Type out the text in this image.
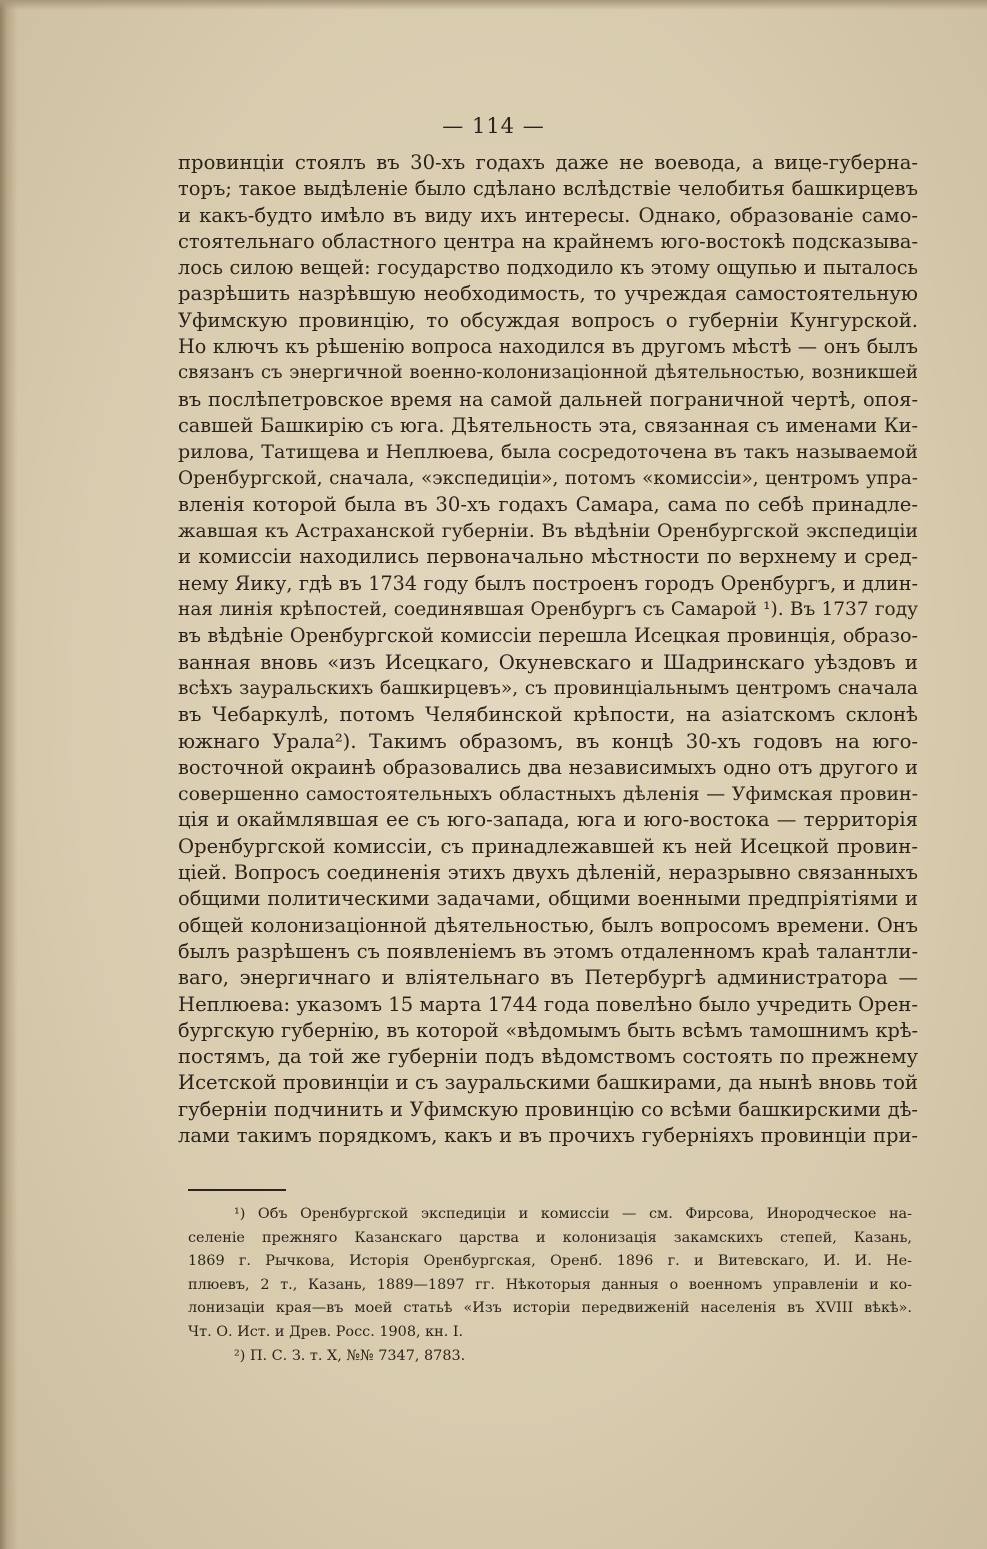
— 114 —
провинціи стоялъ въ 30-хъ годахъ даже не воевода, а вице-губерна-
торъ; такое выдѣленіе было сдѣлано вслѣдствіе челобитья башкирцевъ
и какъ-будто имѣло въ виду ихъ интересы. Однако, образованіе само-
стоятельнаго областного центра на крайнемъ юго-востокѣ подсказыва-
лось силою вещей: государство подходило къ этому ощупью и пыталось
разрѣшить назрѣвшую необходимость, то учреждая самостоятельную
Уфимскую провинцію, то обсуждая вопросъ о губерніи Кунгурской.
Но ключъ къ рѣшенію вопроса находился въ другомъ мѣстѣ — онъ былъ
связанъ съ энергичной военно-колонизаціонной дѣятельностью, возникшей
въ послѣпетровское время на самой дальней пограничной чертѣ, опоя-
савшей Башкирію съ юга. Дѣятельность эта, связанная съ именами Ки-
рилова, Татищева и Неплюева, была сосредоточена въ такъ называемой
Оренбургской, сначала, «экспедиціи», потомъ «комиссіи», центромъ упра-
вленія которой была въ 30-хъ годахъ Самара, сама по себѣ принадле-
жавшая къ Астраханской губерніи. Въ вѣдѣніи Оренбургской экспедиціи
и комиссіи находились первоначально мѣстности по верхнему и сред-
нему Яику, гдѣ въ 1734 году былъ построенъ городъ Оренбургъ, и длин-
ная линія крѣпостей, соединявшая Оренбургъ съ Самарой ¹). Въ 1737 году
въ вѣдѣніе Оренбургской комиссіи перешла Исецкая провинція, образо-
ванная вновь «изъ Исецкаго, Окуневскаго и Шадринскаго уѣздовъ и
всѣхъ зауральскихъ башкирцевъ», съ провинціальнымъ центромъ сначала
въ Чебаркулѣ, потомъ Челябинской крѣпости, на азіатскомъ склонѣ
южнаго Урала²). Такимъ образомъ, въ концѣ 30-хъ годовъ на юго-
восточной окраинѣ образовались два независимыхъ одно отъ другого и
совершенно самостоятельныхъ областныхъ дѣленія — Уфимская провин-
ція и окаймлявшая ее съ юго-запада, юга и юго-востока — территорія
Оренбургской комиссіи, съ принадлежавшей къ ней Исецкой провин-
ціей. Вопросъ соединенія этихъ двухъ дѣленій, неразрывно связанныхъ
общими политическими задачами, общими военными предпріятіями и
общей колонизаціонной дѣятельностью, былъ вопросомъ времени. Онъ
былъ разрѣшенъ съ появленіемъ въ этомъ отдаленномъ краѣ талантли-
ваго, энергичнаго и вліятельнаго въ Петербургѣ администратора —
Неплюева: указомъ 15 марта 1744 года повелѣно было учредить Орен-
бургскую губернію, въ которой «вѣдомымъ быть всѣмъ тамошнимъ крѣ-
постямъ, да той же губерніи подъ вѣдомствомъ состоять по прежнему
Исетской провинціи и съ зауральскими башкирами, да нынѣ вновь той
губерніи подчинить и Уфимскую провинцію со всѣми башкирскими дѣ-
лами такимъ порядкомъ, какъ и въ прочихъ губерніяхъ провинціи при-
¹) Объ Оренбургской экспедиціи и комиссіи — см. Фирсова, Инородческое на-
селеніе прежняго Казанскаго царства и колонизація закамскихъ степей, Казань,
1869 г. Рычкова, Исторія Оренбургская, Оренб. 1896 г. и Витевскаго, И. И. Не-
плюевъ, 2 т., Казань, 1889—1897 гг. Нѣкоторыя данныя о военномъ управленіи и ко-
лонизаціи края—въ моей статьѣ «Изъ исторіи передвиженій населенія въ XVIII вѣкѣ».
Чт. О. Ист. и Древ. Росс. 1908, кн. I.
²) П. С. З. т. X, №№ 7347, 8783.
